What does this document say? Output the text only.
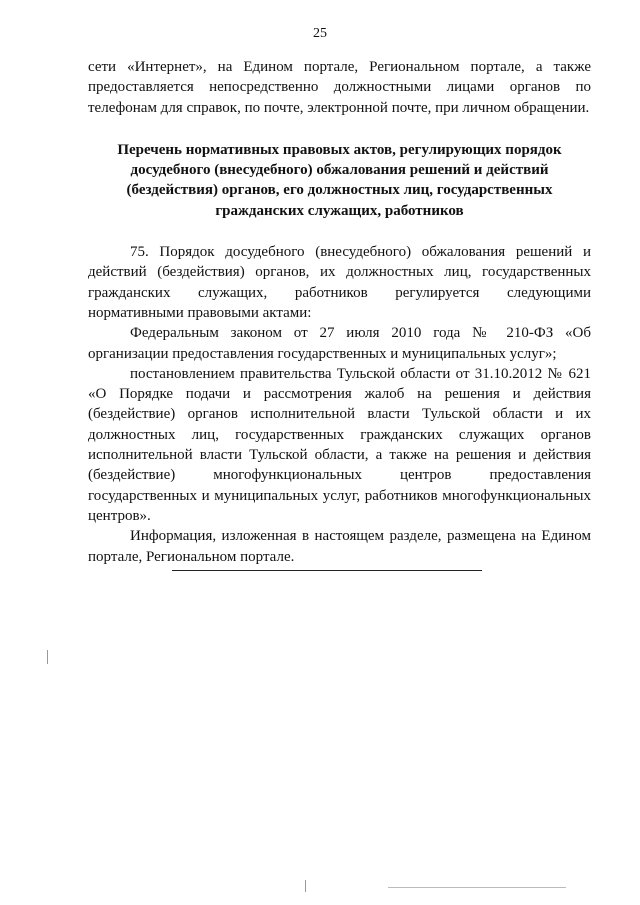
25

сети «Интернет», на Едином портале, Региональном портале, а также предоставляется непосредственно должностными лицами органов по телефонам для справок, по почте, электронной почте, при личном обращении.

Перечень нормативных правовых актов, регулирующих порядок досудебного (внесудебного) обжалования решений и действий (бездействия) органов, его должностных лиц, государственных гражданских служащих, работников

75. Порядок досудебного (внесудебного) обжалования решений и действий (бездействия) органов, их должностных лиц, государственных гражданских служащих, работников регулируется следующими нормативными правовыми актами:

Федеральным законом от 27 июля 2010 года № 210-ФЗ «Об организации предоставления государственных и муниципальных услуг»;

постановлением правительства Тульской области от 31.10.2012 № 621 «О Порядке подачи и рассмотрения жалоб на решения и действия (бездействие) органов исполнительной власти Тульской области и их должностных лиц, государственных гражданских служащих органов исполнительной власти Тульской области, а также на решения и действия (бездействие) многофункциональных центров предоставления государственных и муниципальных услуг, работников многофункциональных центров».

Информация, изложенная в настоящем разделе, размещена на Едином портале, Региональном портале.
